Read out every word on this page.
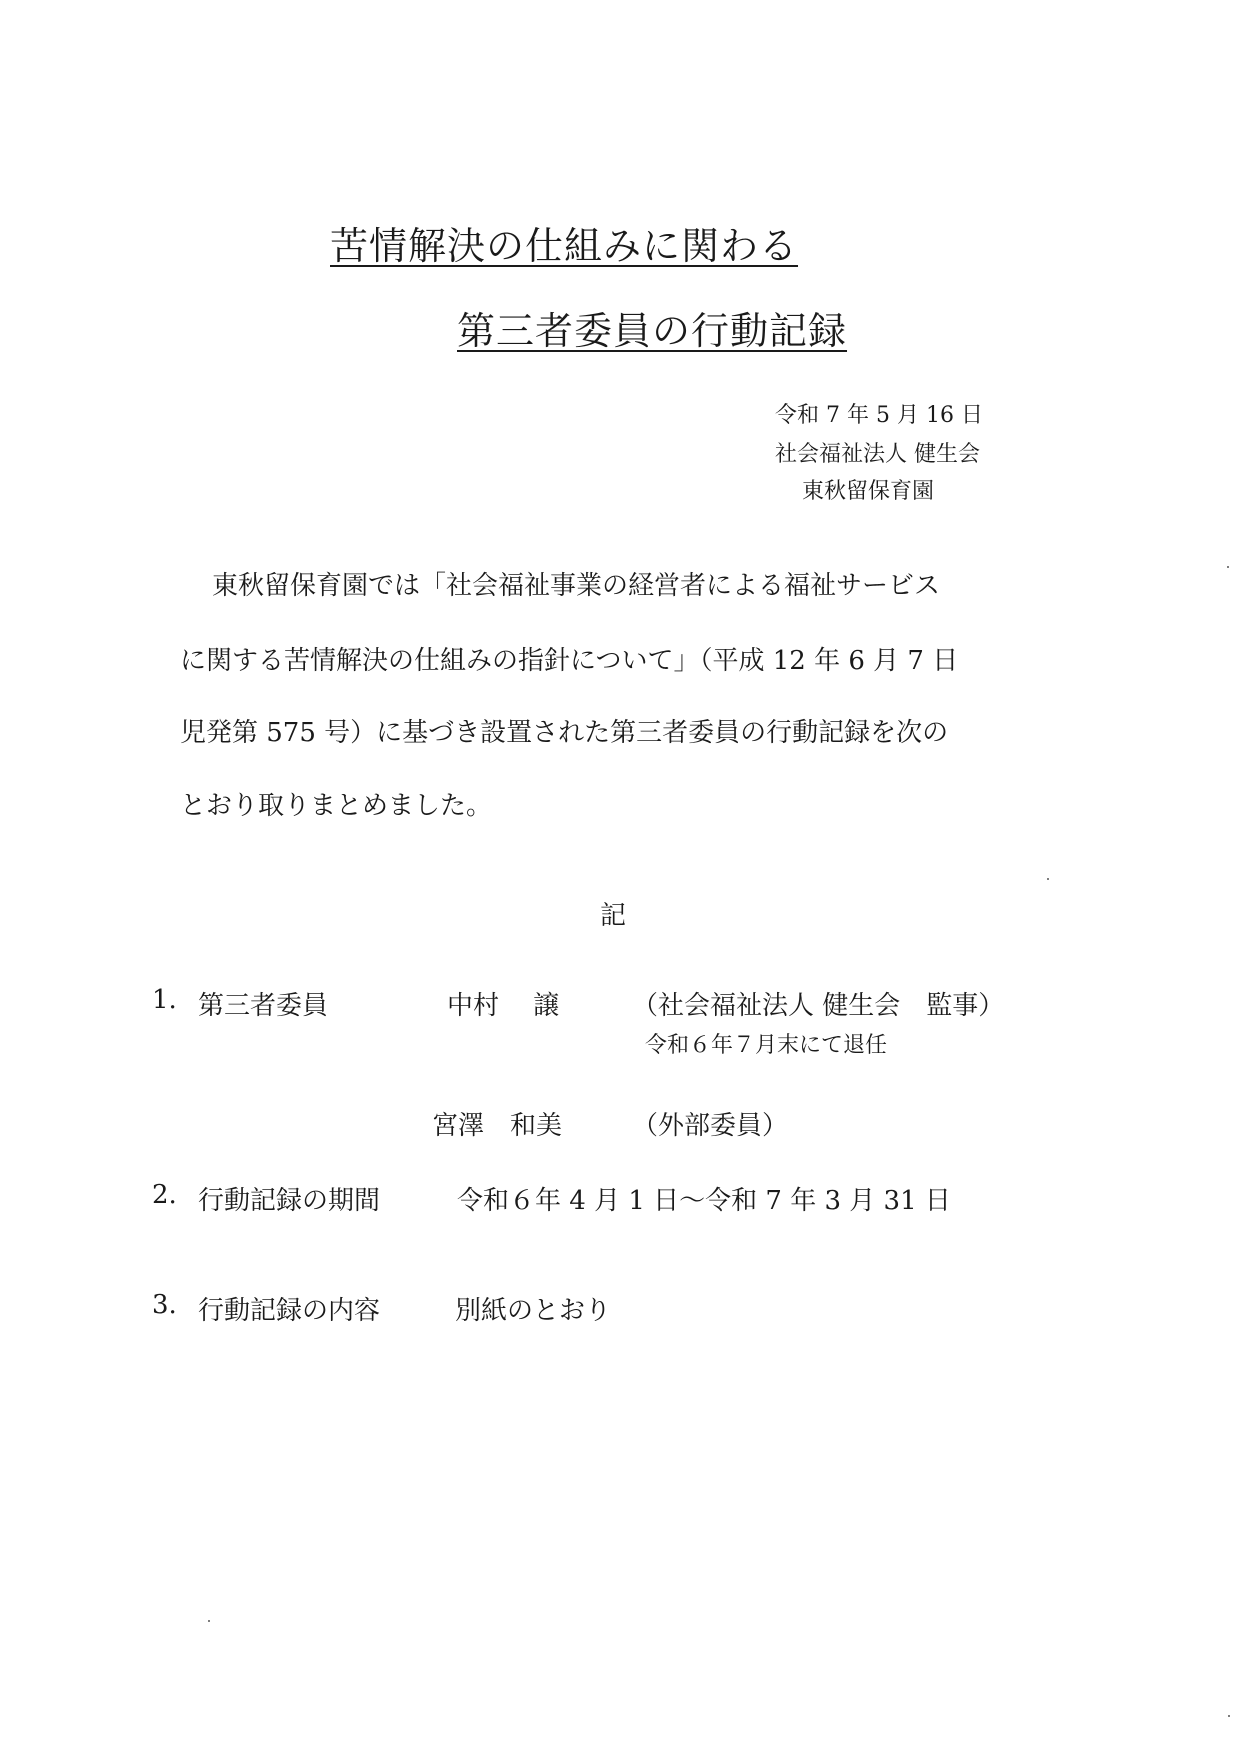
苦情解決の仕組みに関わる
第三者委員の行動記録
令和 7 年 5 月 16 日
社会福祉法人 健生会
東秋留保育園
東秋留保育園では「社会福祉事業の経営者による福祉サービス
に関する苦情解決の仕組みの指針について」（平成 12 年 6 月 7 日
児発第 575 号）に基づき設置された第三者委員の行動記録を次の
とおり取りまとめました。
記
1. 第三者委員	中村　 譲	（社会福祉法人 健生会　監事）
令和６年７月末にて退任
宮澤　和美	（外部委員）
2. 行動記録の期間	令和６年 4 月 1 日～令和 7 年 3 月 31 日
3. 行動記録の内容	別紙のとおり
